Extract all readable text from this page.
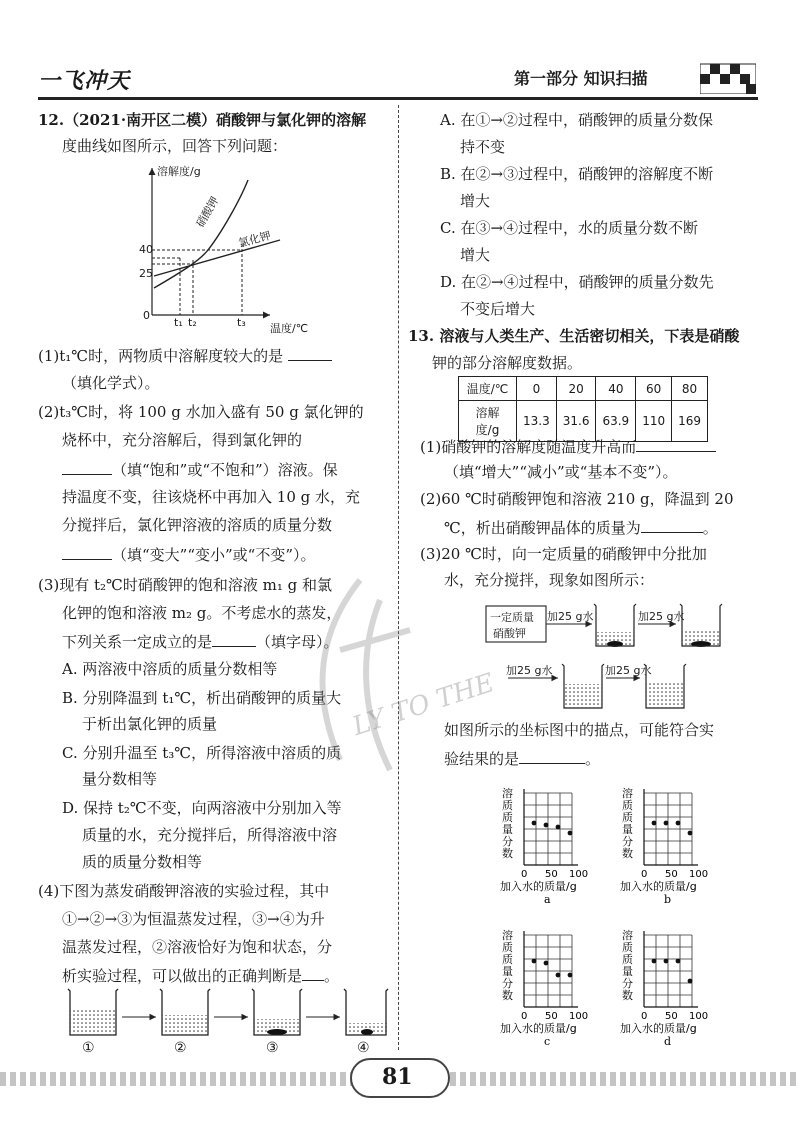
一飞冲天	第一部分 知识扫描
12.（2021·南开区二模）硝酸钾与氯化钾的溶解
度曲线如图所示，回答下列问题：
溶解度/g
温度/℃
0
40
25
t₁ t₂	t₃
硝酸钾
氯化钾
(1)t₁℃时，两物质中溶解度较大的是
（填化学式）。
(2)t₃℃时，将 100 g 水加入盛有 50 g 氯化钾的
烧杯中，充分溶解后，得到氯化钾的
（填“饱和”或“不饱和”）溶液。保
持温度不变，往该烧杯中再加入 10 g 水，充
分搅拌后，氯化钾溶液的溶质的质量分数
（填“变大”“变小”或“不变”）。
(3)现有 t₂℃时硝酸钾的饱和溶液 m₁ g 和氯
化钾的饱和溶液 m₂ g。不考虑水的蒸发，
下列关系一定成立的是	（填字母）。
A. 两溶液中溶质的质量分数相等
B. 分别降温到 t₁℃，析出硝酸钾的质量大
于析出氯化钾的质量
C. 分别升温至 t₃℃，所得溶液中溶质的质
量分数相等
D. 保持 t₂℃不变，向两溶液中分别加入等
质量的水，充分搅拌后，所得溶液中溶
质的质量分数相等
(4)下图为蒸发硝酸钾溶液的实验过程，其中
①→②→③为恒温蒸发过程，③→④为升
温蒸发过程，②溶液恰好为饱和状态，分
析实验过程，可以做出的正确判断是 。
①	②	③	④
LY TO THE
A. 在①→②过程中，硝酸钾的质量分数保
持不变
B. 在②→③过程中，硝酸钾的溶解度不断
增大
C. 在③→④过程中，水的质量分数不断
增大
D. 在②→④过程中，硝酸钾的质量分数先
不变后增大
13. 溶液与人类生产、生活密切相关，下表是硝酸
钾的部分溶解度数据。
温度/℃	0	20	40	60	80
溶解度/g	13.3	31.6	63.9	110	169
(1)硝酸钾的溶解度随温度升高而
（填“增大”“减小”或“基本不变”）。
(2)60 ℃时硝酸钾饱和溶液 210 g，降温到 20
℃，析出硝酸钾晶体的质量为	。
(3)20 ℃时，向一定质量的硝酸钾中分批加
水，充分搅拌，现象如图所示：
一定质量
硝酸钾
加25 g水	加25 g水
加25 g水	加25 g水
如图所示的坐标图中的描点，可能符合实
验结果的是	。
溶
质
质
量
分
数
0 50 100
加入水的质量/g
a
溶
质
质
量
分
数
0 50 100
加入水的质量/g
b
溶
质
质
量
分
数
0 50 100
加入水的质量/g
c
溶
质
质
量
分
数
0 50 100
加入水的质量/g
d
81
